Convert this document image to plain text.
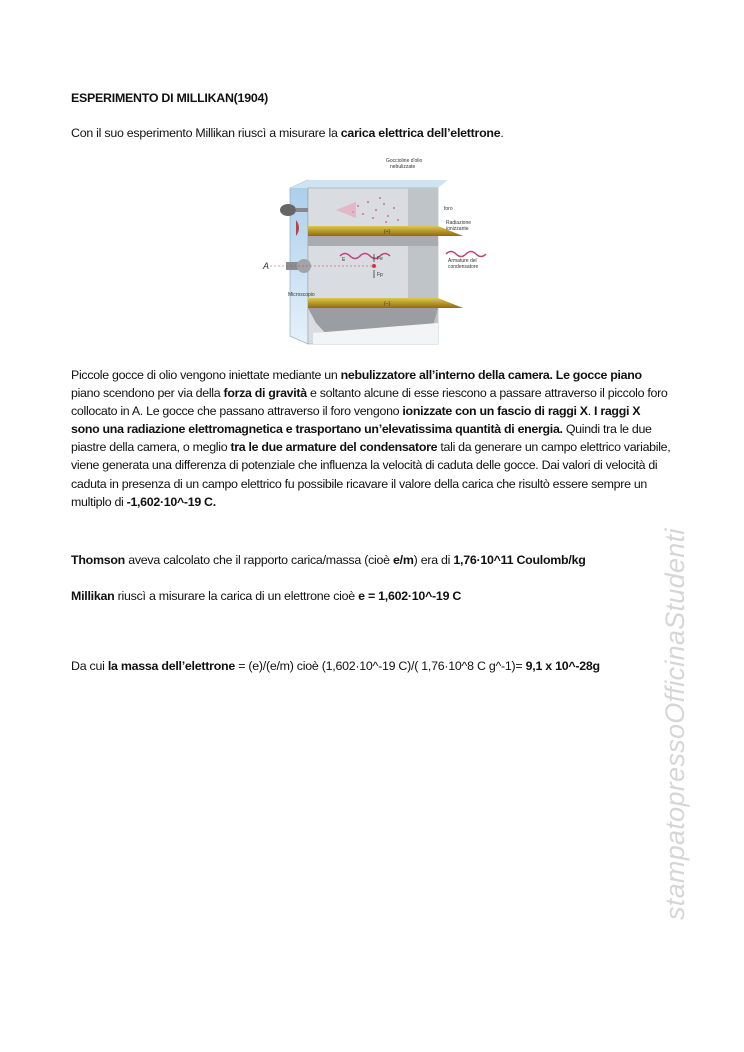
ESPERIMENTO DI MILLIKAN(1904)
Con il suo esperimento Millikan riuscì a misurare la carica elettrica dell’elettrone.
Goccioline d'olio
nebulizzate
foro
Radiazione
ionizzante
Armature del
condensatore
Microscopio
E
(+)
(−)
A
Fe
Fp
Piccole gocce di olio vengono iniettate mediante un nebulizzatore all’interno della camera. Le gocce piano piano scendono per via della forza di gravità e soltanto alcune di esse riescono a passare attraverso il piccolo foro collocato in A. Le gocce che passano attraverso il foro vengono ionizzate con un fascio di raggi X. I raggi X sono una radiazione elettromagnetica e trasportano un’elevatissima quantità di energia. Quindi tra le due piastre della camera, o meglio tra le due armature del condensatore tali da generare un campo elettrico variabile, viene generata una differenza di potenziale che influenza la velocità di caduta delle gocce. Dai valori di velocità di caduta in presenza di un campo elettrico fu possibile ricavare il valore della carica che risultò essere sempre un multiplo di -1,602·10^-19 C.
Thomson aveva calcolato che il rapporto carica/massa (cioè e/m) era di 1,76·10^11 Coulomb/kg
Millikan riuscì a misurare la carica di un elettrone cioè e = 1,602·10^-19 C
Da cui la massa dell’elettrone = (e)/(e/m) cioè (1,602·10^-19 C)/( 1,76·10^8 C g^-1)= 9,1 x 10^-28g stampatopressoOfficinaStudenti
